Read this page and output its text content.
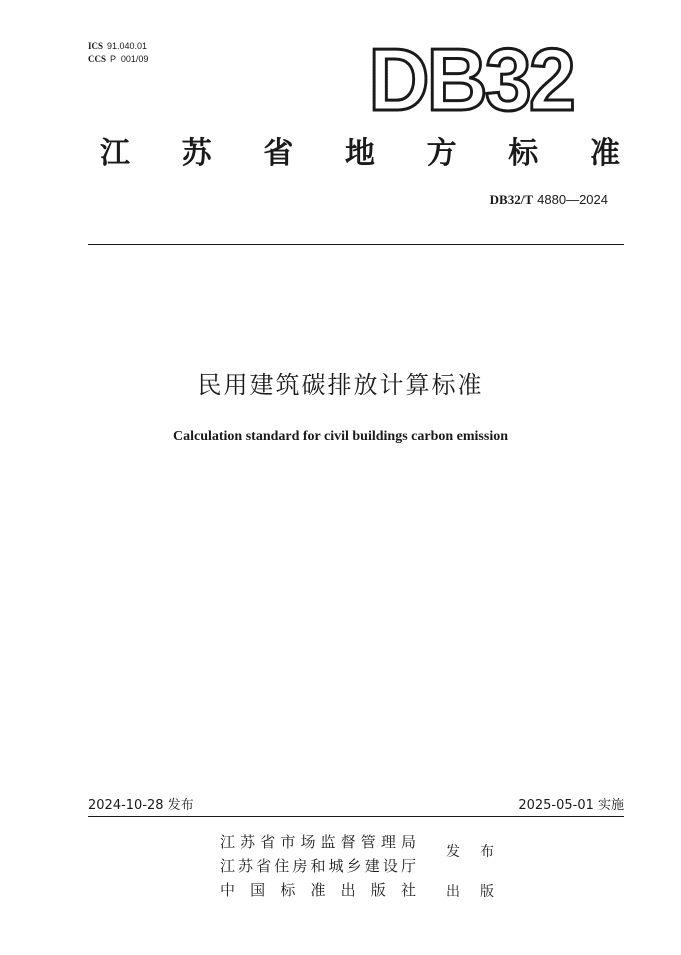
ICS 91.040.01
CCS P  001/09	DB32
江 苏 省 地 方 标 准
DB32/T 4880—2024
民用建筑碳排放计算标准
Calculation standard for civil buildings carbon emission
2024-10-28 发布	2025-05-01 实施
江 苏 省 市 场 监 督 管 理 局
江 苏 省 住 房 和 城 乡 建 设 厅
中 国 标 准 出 版 社
发 布
出 版
